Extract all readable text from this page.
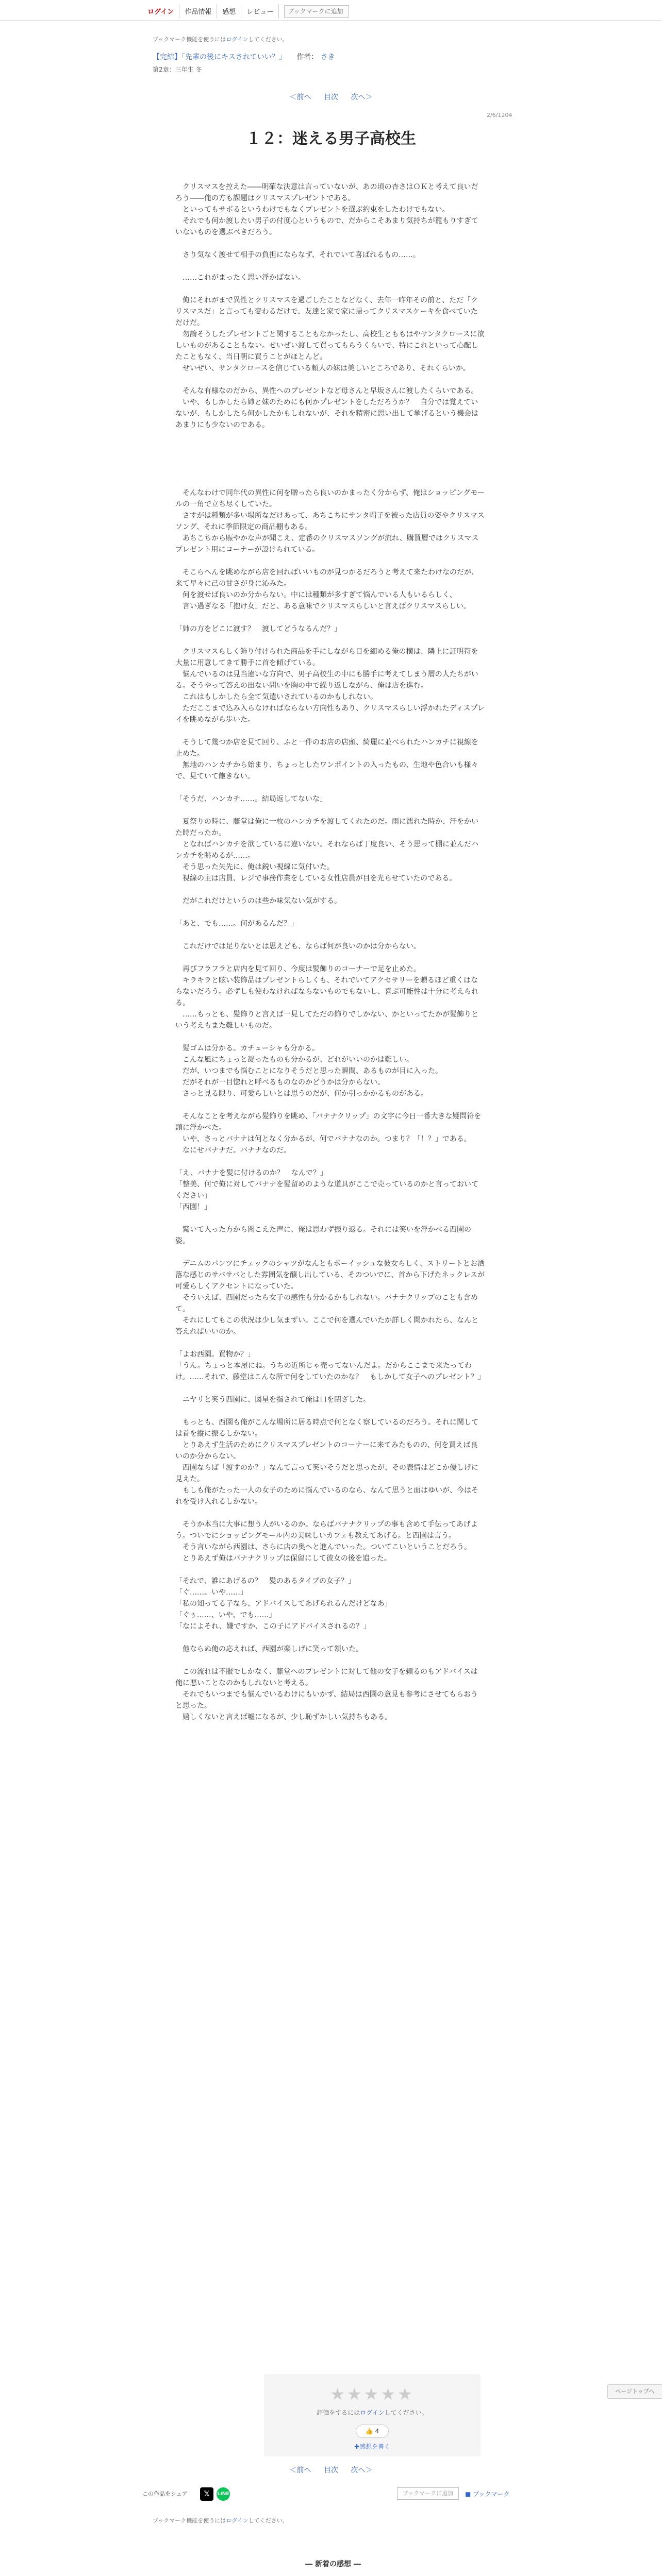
ログイン	作品情報	感想	レビュー
ブックマークに追加
ブックマーク機能を使うにはログインしてください。
【完結】「先輩の後にキスされていい？」 作者： さき
第2章：三年生 冬
＜前へ 目次 次へ＞
2/6/1204
１２：迷える男子高校生

　クリスマスを控えた――明確な決意は言っていないが、あの頃の杏さはＯＫと考えて良いだろう――俺の方も課題はクリスマスプレゼントである。
　といってもサボるというわけでもなくプレゼントを選ぶ約束をしたわけでもない。
　それでも何か渡したい男子の付度心というもので、だからこそあまり気持ちが籠もりすぎていないものを選ぶべきだろう。

　さり気なく渡せて相手の負担にならなず、それでいて喜ばれるもの……。

　……これがまったく思い浮かばない。

　俺にそれがまで異性とクリスマスを過ごしたことなどなく、去年一昨年その前と、ただ「クリスマスだ」と言っても変わるだけで、友達と家で家に帰ってクリスマスケーキを食べていただけだ。
　勿論そうしたプレゼントごと関することもなかったし、高校生とももはやサンタクロースに欲しいものがあることもない。せいぜい渡して買ってもらうくらいで、特にこれといって心配したこともなく、当日朝に買うことがほとんど。
　せいぜい、サンタクロースを信じている頼人の妹は美しいところであり、それくらいか。

　そんな有様なのだから、異性へのプレゼントなど母さんと早坂さんに渡したくらいである。
　いや、もしかしたら姉と妹のためにも何かプレゼントをしただろうか？　自分では覚えていないが、もしかしたら何かしたかもしれないが、それを精密に思い出して挙げるという機会はあまりにも少ないのである。

　そんなわけで同年代の異性に何を贈ったら良いのかまったく分からず、俺はショッピングモールの一角で立ち尽くしていた。
　さすがは種類が多い場所なだけあって、あちこちにサンタ帽子を被った店員の姿やクリスマスソング、それに季節限定の商品棚もある。
　あちこちから賑やかな声が聞こえ、定番のクリスマスソングが流れ、購買層ではクリスマスプレゼント用にコーナーが設けられている。

　そこらへんを眺めながら店を回ればいいものが見つかるだろうと考えて来たわけなのだが、来て早々に己の甘さが身に沁みた。
　何を渡せば良いのか分からない。中には種類が多すぎて悩んでいる人もいるらしく、
　言い過ぎなる「抱け女」だと、ある意味でクリスマスらしいと言えばクリスマスらしい。

「姉の方をどこに渡す？　渡してどうなるんだ？」

　クリスマスらしく飾り付けられた商品を手にしながら目を細める俺の横は、隣上に証明符を大量に用意してきて勝手に首を傾げている。
　悩んでいるのは見当違いな方向で、男子高校生の中にも勝手に考えてしまう層の人たちがいる。そうやって答えの出ない問いを胸の中で繰り返しながら、俺は店を進む。
　これはもしかしたら全て気遣いされているのかもしれない。
　ただここまで込み入らなければならない方向性もあり、クリスマスらしい浮かれたディスプレイを眺めながら歩いた。

　そうして幾つか店を見て回り、ふと一件のお店の店頭、綺麗に並べられたハンカチに視線を止めた。
　無地のハンカチから始まり、ちょっとしたワンポイントの入ったもの、生地や色合いも様々で、見ていて飽きない。

「そうだ、ハンカチ……。結局返してないな」

　夏祭りの時に、藤堂は俺に一枚のハンカチを渡してくれたのだ。雨に濡れた時か、汗をかいた時だったか。
　となればハンカチを欲しているに違いない。それならば丁度良い、そう思って棚に並んだハンカチを眺めるが……。
　そう思った矢先に、俺は鋭い視線に気付いた。
　視線の主は店員、レジで事務作業をしている女性店員が目を光らせていたのである。

　だがこれだけというのは些か味気ない気がする。

「あと、でも……。何があるんだ？」

　これだけでは足りないとは思えども、ならば何が良いのかは分からない。

　再びフラフラと店内を見て回り、今度は髪飾りのコーナーで足を止めた。
　キラキラと眩い装飾品はプレゼントらしくも、それでいてアクセサリーを贈るほど重くはならないだろう。必ずしも使わなければならないものでもないし、喜ぶ可能性は十分に考えられる。
　……もっとも、髪飾りと言えば一見してただの飾りでしかない、かといってたかが髪飾りという考えもまた難しいものだ。

　髪ゴムは分かる。カチューシャも分かる。
　こんな風にちょっと凝ったものも分かるが、どれがいいのかは難しい。
　だが、いつまでも悩むことになりそうだと思った瞬間、あるものが目に入った。
　だがそれが一目惚れと呼べるものなのかどうかは分からない。
　さっと見る限り、可愛らしいとは思うのだが、何か引っかかるものがある。

　そんなことを考えながら髪飾りを眺め、「バナナクリップ」の文字に今日一番大きな疑問符を頭に浮かべた。
　いや、さっとバナナは何となく分かるが、何でバナナなのか。つまり？「！？」である。
　なにせバナナだ。バナナなのだ。

「え、バナナを髪に付けるのか？　なんで？」
「整美、何で俺に対してバナナを髪留めのような道具がここで売っているのかと言っておいてください」
「西園！」

　驚いて入った方から聞こえた声に、俺は思わず振り返る。それには笑いを浮かべる西園の姿。

　デニムのパンツにチェックのシャツがなんともボーイッシュな彼女らしく、ストリートとお洒落な感じのサバサバとした雰囲気を醸し出している、そのついでに、首から下げたネックレスが可愛らしくアクセントになっていた。
　そういえば、西園だったら女子の感性も分かるかもしれない。バナナクリップのことも含めて。
　それにしてもこの状況は少し気まずい。ここで何を選んでいたか詳しく聞かれたら、なんと答えればいいのか。

「よお西園。買物か？」
「うん。ちょっと本屋にね。うちの近所じゃ売ってないんだよ。だからここまで来たってわけ。……それで、藤堂はこんな所で何をしていたのかな？　もしかして女子へのプレゼント？」

　ニヤリと笑う西園に、図星を指されて俺は口を閉ざした。

　もっとも、西園も俺がこんな場所に居る時点で何となく察しているのだろう。それに関しては首を縦に振るしかない。
　とりあえず生活のためにクリスマスプレゼントのコーナーに来てみたものの、何を買えば良いのか分からない。
　西園ならば「渡すのか？」なんて言って笑いそうだと思ったが、その表情はどこか優しげに見えた。
　もしも俺がたった一人の女子のために悩んでいるのなら、なんて思うと面はゆいが、今はそれを受け入れるしかない。

　そうか本当に大事に想う人がいるのか。ならばバナナクリップの事も含めて手伝ってあげよう。ついでにショッピングモール内の美味しいカフェも教えてあげる。と西園は言う。
　そう言いながら西園は、さらに店の奥へと進んでいった。ついてこいということだろう。
　とりあえず俺はバナナクリップは保留にして彼女の後を追った。

「それで、誰にあげるの？　髪のあるタイプの女子？」
「ぐ……。いや……」
「私の知ってる子なら、アドバイスしてあげられるんだけどなあ」
「ぐぅ……、いや、でも……」
「なによそれ、嫌ですか、この子にアドバイスされるの？」

　他ならぬ俺の応えれば、西園が楽しげに笑って頷いた。

　この流れは不服でしかなく、藤堂へのプレゼントに対して他の女子を頼るのもアドバイスは俺に悪いことなのかもしれないと考える。
　それでもいつまでも悩んでいるわけにもいかず、結局は西園の意見も参考にさせてもらおうと思った。
　嬉しくないと言えば嘘になるが、少し恥ずかしい気持ちもある。

ページトップへ
★★★★★
評価をするにはログインしてください。
👍 4
✚感想を書く
＜前へ 目次 次へ＞
この作品をシェア	𝕏	LINE	ブックマークに追加	■ ブックマーク
ブックマーク機能を使うにはログインしてください。
― 新着の感想 ―
